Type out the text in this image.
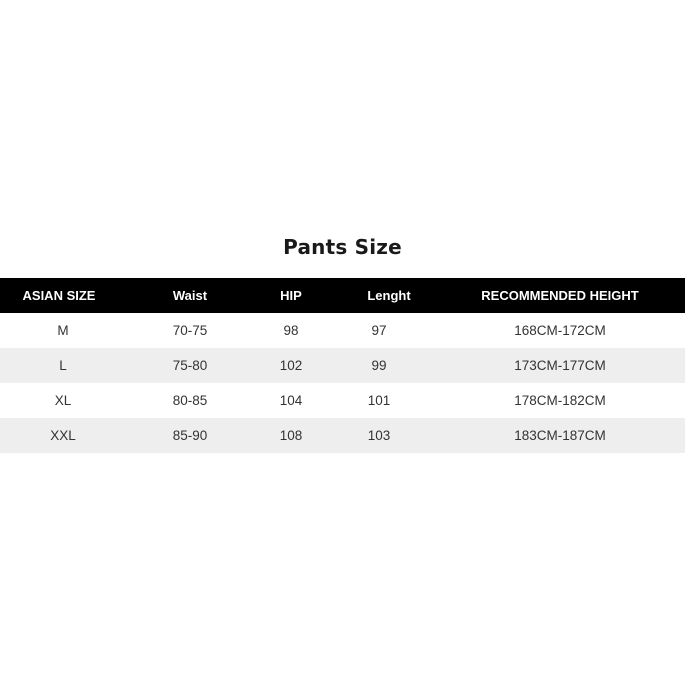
Pants Size
ASIAN SIZE	Waist	HIP	Lenght	RECOMMENDED HEIGHT
M	70-75	98	97	168CM-172CM
L	75-80	102	99	173CM-177CM
XL	80-85	104	101	178CM-182CM
XXL	85-90	108	103	183CM-187CM
